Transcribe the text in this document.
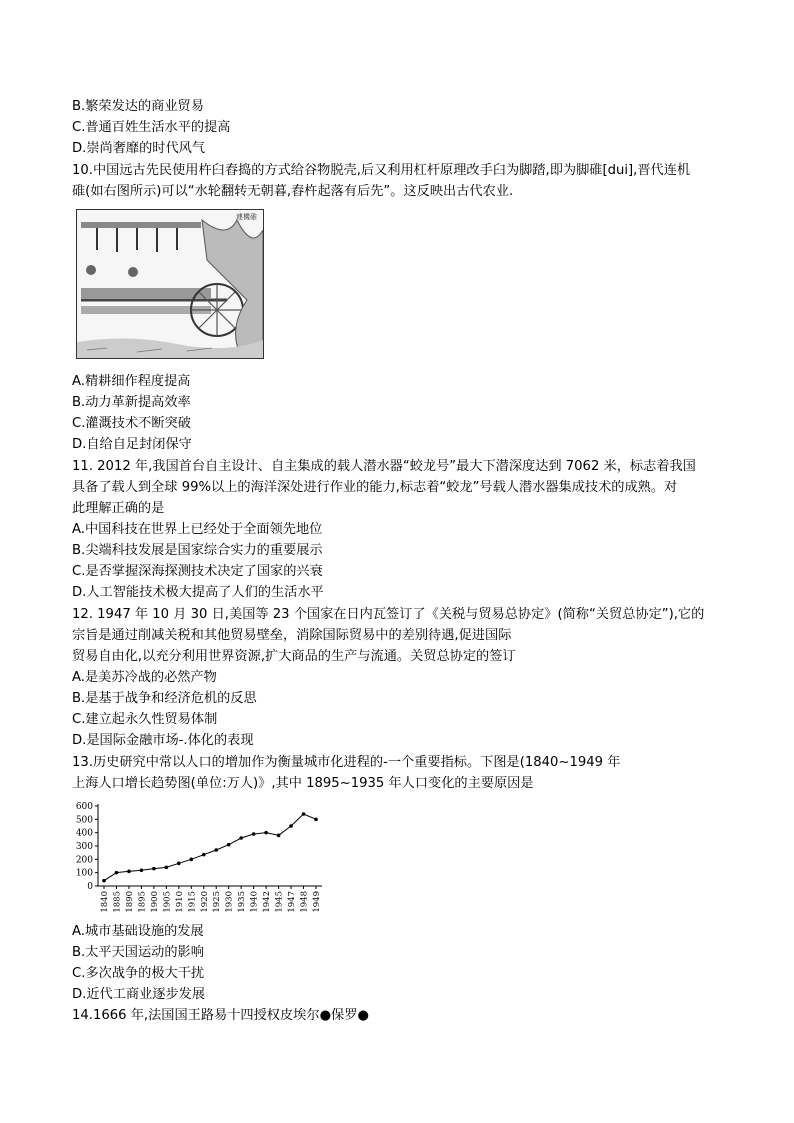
B.繁荣发达的商业贸易
C.普通百姓生活水平的提高
D.崇尚奢靡的时代风气
10.中国远古先民使用杵臼舂捣的方式给谷物脱壳,后又利用杠杆原理改手臼为脚踏,即为脚碓[dui],晋代连机
碓(如右图所示)可以“水轮翻转无朝暮,舂杵起落有后先”。这反映出古代农业.
連機碓
A.精耕细作程度提高
B.动力革新提高效率
C.灌溉技术不断突破
D.自给自足封闭保守
11. 2012 年,我国首台自主设计、自主集成的载人潜水器“蛟龙号”最大下潜深度达到 7062 米，标志着我国
具备了载人到全球 99%以上的海洋深处进行作业的能力,标志着“蛟龙”号载人潜水器集成技术的成熟。对
此理解正确的是
A.中国科技在世界上已经处于全面领先地位
B.尖端科技发展是国家综合实力的重要展示
C.是否掌握深海探测技术决定了国家的兴衰
D.人工智能技术极大提高了人们的生活水平
12. 1947 年 10 月 30 日,美国等 23 个国家在日内瓦签订了《关税与贸易总协定》(简称“关贸总协定”),它的
宗旨是通过削减关税和其他贸易壁垒，消除国际贸易中的差别待遇,促进国际
贸易自由化,以充分利用世界资源,扩大商品的生产与流通。关贸总协定的签订
A.是美苏冷战的必然产物
B.是基于战争和经济危机的反思
C.建立起永久性贸易体制
D.是国际金融市场-.体化的表现
13.历史研究中常以人口的增加作为衡量城市化进程的-一个重要指标。下图是(1840~1949 年
上海人口增长趋势图(单位:万人)》,其中 1895~1935 年人口变化的主要原因是
0
100
200
300
400
500
600
1840 1885 1890 1895 1900 1905 1910 1915 1920 1925 1930 1935 1940 1942 1945 1947 1948 1949
A.城市基础设施的发展
B.太平天国运动的影响
C.多次战争的极大干扰
D.近代工商业逐步发展
14.1666 年,法国国王路易十四授权皮埃尔●保罗●
